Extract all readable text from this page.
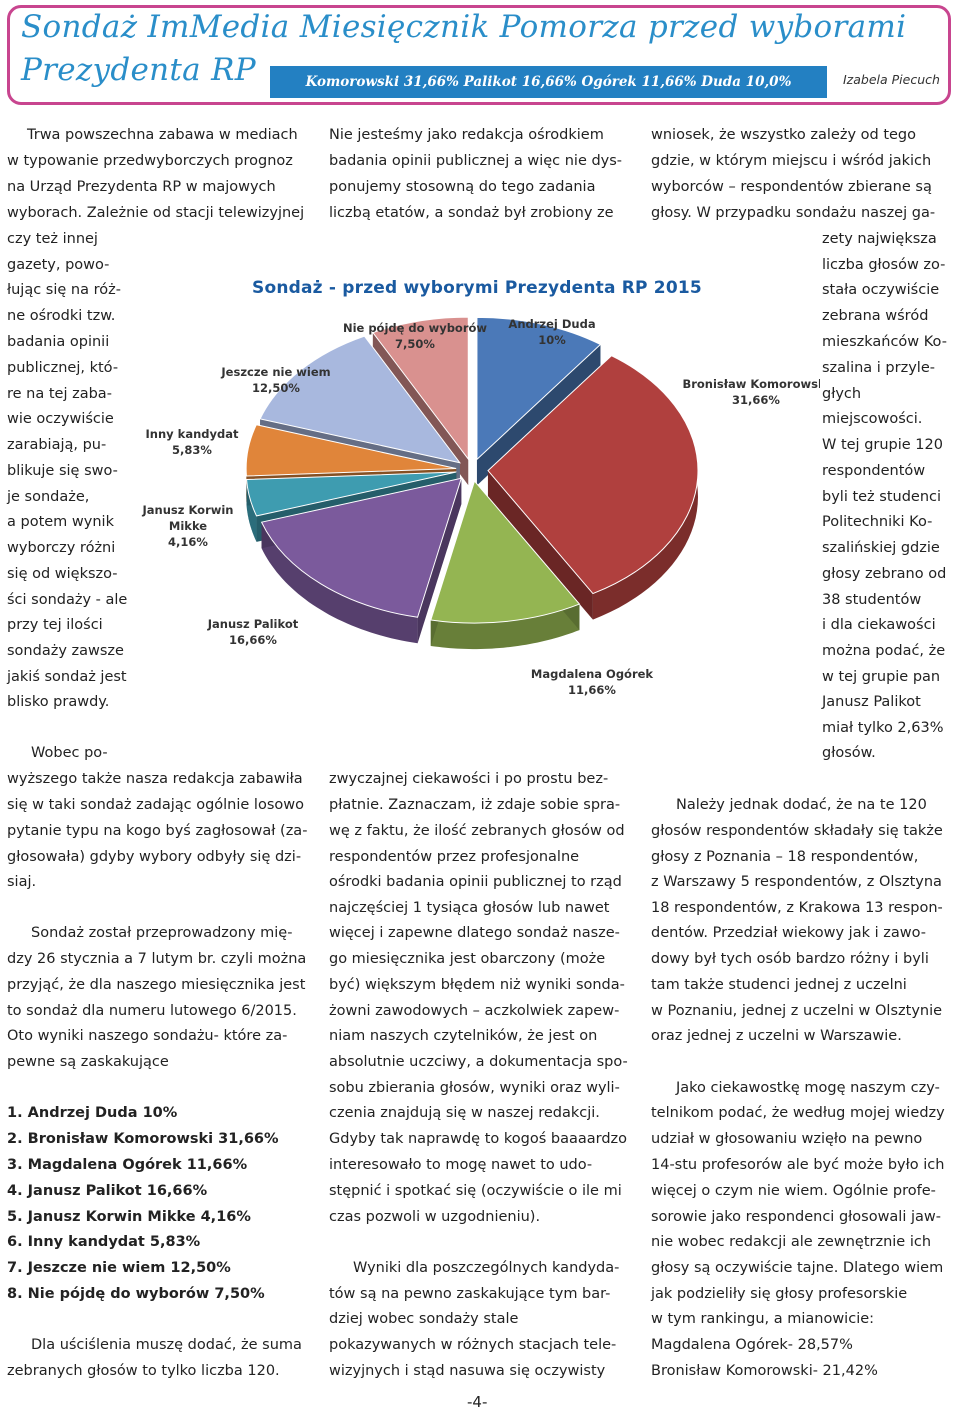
Sondaż ImMedia Miesięcznik Pomorza przed wyborami
Prezydenta RP	Komorowski 31,66% Palikot 16,66% Ogórek 11,66% Duda 10,0%	Izabela Piecuch
Trwa powszechna zabawa w mediach
w typowanie przedwyborczych prognoz
na Urząd Prezydenta RP w majowych
wyborach. Zależnie od stacji telewizyjnej
czy też innej
gazety, powo-
łując się na róż-
ne ośrodki tzw.
badania opinii
publicznej, któ-
re na tej zaba-
wie oczywiście
zarabiają, pu-
blikuje się swo-
je sondaże,
a potem wynik
wyborczy różni
się od większo-
ści sondaży - ale
przy tej ilości
sondaży zawsze
jakiś sondaż jest
blisko prawdy.
Wobec po-
wyższego także nasza redakcja zabawiła
się w taki sondaż zadając ogólnie losowo
pytanie typu na kogo byś zagłosował (za-
głosowała) gdyby wybory odbyły się dzi-
siaj.
Sondaż został przeprowadzony mię-
dzy 26 stycznia a 7 lutym br. czyli można
przyjąć, że dla naszego miesięcznika jest
to sondaż dla numeru lutowego 6/2015.
Oto wyniki naszego sondażu- które za-
pewne są zaskakujące
1. Andrzej Duda 10%
2. Bronisław Komorowski 31,66%
3. Magdalena Ogórek 11,66%
4. Janusz Palikot 16,66%
5. Janusz Korwin Mikke 4,16%
6. Inny kandydat 5,83%
7. Jeszcze nie wiem 12,50%
8. Nie pójdę do wyborów 7,50%
Dla uściślenia muszę dodać, że suma
zebranych głosów to tylko liczba 120.
Nie jesteśmy jako redakcja ośrodkiem
badania opinii publicznej a więc nie dys-
ponujemy stosowną do tego zadania
liczbą etatów, a sondaż był zrobiony ze
wniosek, że wszystko zależy od tego
gdzie, w którym miejscu i wśród jakich
wyborców – respondentów zbierane są
głosy. W przypadku sondażu naszej ga-
zety największa
liczba głosów zo-
stała oczywiście
zebrana wśród
mieszkańców Ko-
szalina i przyle-
głych
miejscowości.
W tej grupie 120
respondentów
byli też studenci
Politechniki Ko-
szalińskiej gdzie
głosy zebrano od
38 studentów
i dla ciekawości
można podać, że
w tej grupie pan
Janusz Palikot
miał tylko 2,63%
głosów.
Należy jednak dodać, że na te 120
głosów respondentów składały się także
głosy z Poznania – 18 respondentów,
z Warszawy 5 respondentów, z Olsztyna
18 respondentów, z Krakowa 13 respon-
dentów. Przedział wiekowy jak i zawo-
dowy był tych osób bardzo różny i byli
tam także studenci jednej z uczelni
w Poznaniu, jednej z uczelni w Olsztynie
oraz jednej z uczelni w Warszawie.
Jako ciekawostkę mogę naszym czy-
telnikom podać, że według mojej wiedzy
udział w głosowaniu wzięło na pewno
14-stu profesorów ale być może było ich
więcej o czym nie wiem. Ogólnie profe-
sorowie jako respondenci głosowali jaw-
nie wobec redakcji ale zewnętrznie ich
głosy są oczywiście tajne. Dlatego wiem
jak podzieliły się głosy profesorskie
w tym rankingu, a mianowicie:
Magdalena Ogórek- 28,57%
Bronisław Komorowski- 21,42%
Andrzej Duda 10%
Bronisław Komorowski 31,66%
Magdalena Ogórek 11,66%
Janusz Palikot 16,66%
Janusz Korwin Mikke 4,16%
Inny kandydat 5,83%
Jeszcze nie wiem 12,50%
Nie pójdę do wyborów 7,50%
Sondaż - przed wyborymi Prezydenta RP 2015
zwyczajnej ciekawości i po prostu bez-
płatnie. Zaznaczam, iż zdaje sobie spra-
wę z faktu, że ilość zebranych głosów od
respondentów przez profesjonalne
ośrodki badania opinii publicznej to rząd
najczęściej 1 tysiąca głosów lub nawet
więcej i zapewne dlatego sondaż nasze-
go miesięcznika jest obarczony (może
być) większym błędem niż wyniki sonda-
żowni zawodowych – aczkolwiek zapew-
niam naszych czytelników, że jest on
absolutnie uczciwy, a dokumentacja spo-
sobu zbierania głosów, wyniki oraz wyli-
czenia znajdują się w naszej redakcji.
Gdyby tak naprawdę to kogoś baaaardzo
interesowało to mogę nawet to udo-
stępnić i spotkać się (oczywiście o ile mi
czas pozwoli w uzgodnieniu).
Wyniki dla poszczególnych kandyda-
tów są na pewno zaskakujące tym bar-
dziej wobec sondaży stale
pokazywanych w różnych stacjach tele-
wizyjnych i stąd nasuwa się oczywisty
-4-
